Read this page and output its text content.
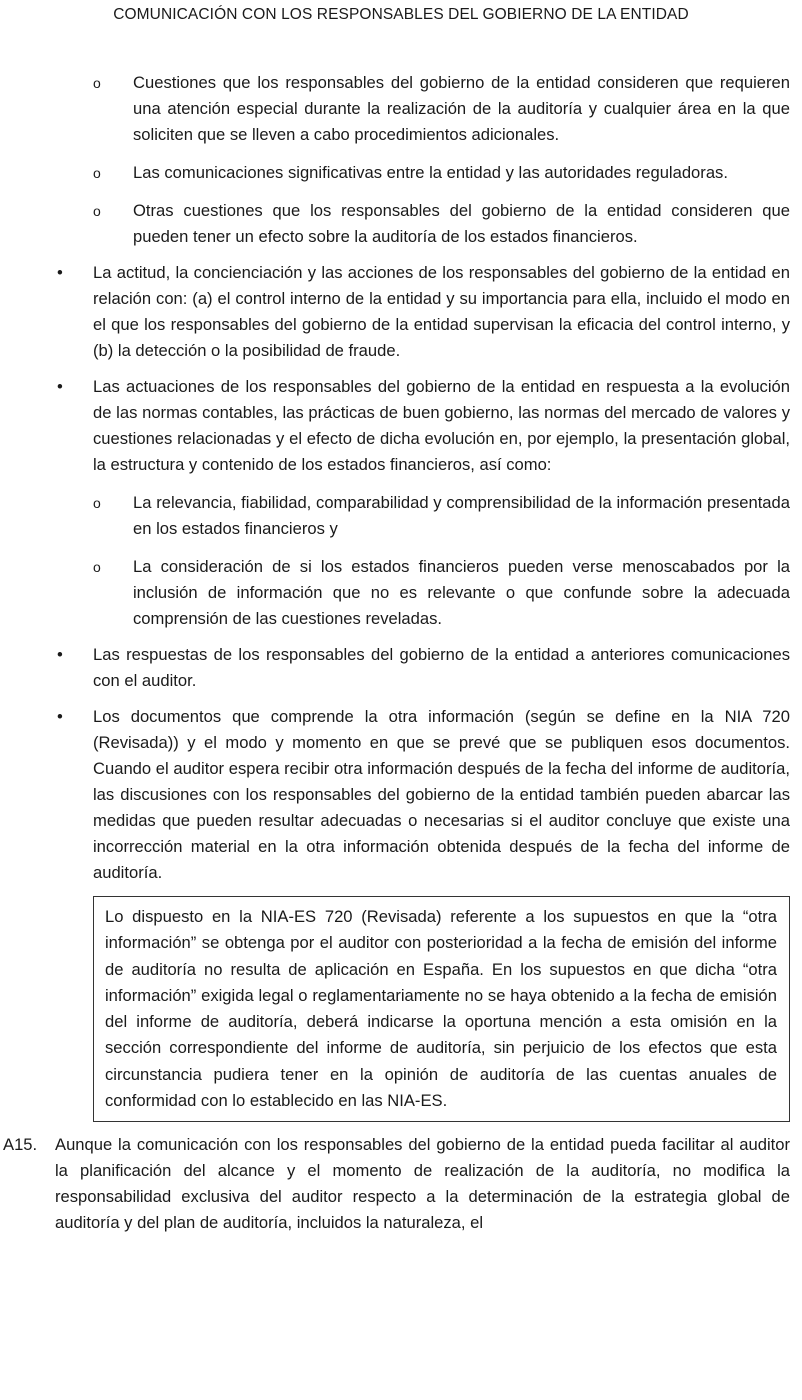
COMUNICACIÓN CON LOS RESPONSABLES DEL GOBIERNO DE LA ENTIDAD
o Cuestiones que los responsables del gobierno de la entidad consideren que requieren una atención especial durante la realización de la auditoría y cualquier área en la que soliciten que se lleven a cabo procedimientos adicionales.
o Las comunicaciones significativas entre la entidad y las autoridades reguladoras.
o Otras cuestiones que los responsables del gobierno de la entidad consideren que pueden tener un efecto sobre la auditoría de los estados financieros.
• La actitud, la concienciación y las acciones de los responsables del gobierno de la entidad en relación con: (a) el control interno de la entidad y su importancia para ella, incluido el modo en el que los responsables del gobierno de la entidad supervisan la eficacia del control interno, y (b) la detección o la posibilidad de fraude.
• Las actuaciones de los responsables del gobierno de la entidad en respuesta a la evolución de las normas contables, las prácticas de buen gobierno, las normas del mercado de valores y cuestiones relacionadas y el efecto de dicha evolución en, por ejemplo, la presentación global, la estructura y contenido de los estados financieros, así como:
o La relevancia, fiabilidad, comparabilidad y comprensibilidad de la información presentada en los estados financieros y
o La consideración de si los estados financieros pueden verse menoscabados por la inclusión de información que no es relevante o que confunde sobre la adecuada comprensión de las cuestiones reveladas.
• Las respuestas de los responsables del gobierno de la entidad a anteriores comunicaciones con el auditor.
• Los documentos que comprende la otra información (según se define en la NIA 720 (Revisada)) y el modo y momento en que se prevé que se publiquen esos documentos. Cuando el auditor espera recibir otra información después de la fecha del informe de auditoría, las discusiones con los responsables del gobierno de la entidad también pueden abarcar las medidas que pueden resultar adecuadas o necesarias si el auditor concluye que existe una incorrección material en la otra información obtenida después de la fecha del informe de auditoría.
Lo dispuesto en la NIA-ES 720 (Revisada) referente a los supuestos en que la “otra información” se obtenga por el auditor con posterioridad a la fecha de emisión del informe de auditoría no resulta de aplicación en España. En los supuestos en que dicha “otra información” exigida legal o reglamentariamente no se haya obtenido a la fecha de emisión del informe de auditoría, deberá indicarse la oportuna mención a esta omisión en la sección correspondiente del informe de auditoría, sin perjuicio de los efectos que esta circunstancia pudiera tener en la opinión de auditoría de las cuentas anuales de conformidad con lo establecido en las NIA-ES.
A15. Aunque la comunicación con los responsables del gobierno de la entidad pueda facilitar al auditor la planificación del alcance y el momento de realización de la auditoría, no modifica la responsabilidad exclusiva del auditor respecto a la determinación de la estrategia global de auditoría y del plan de auditoría, incluidos la naturaleza, el
